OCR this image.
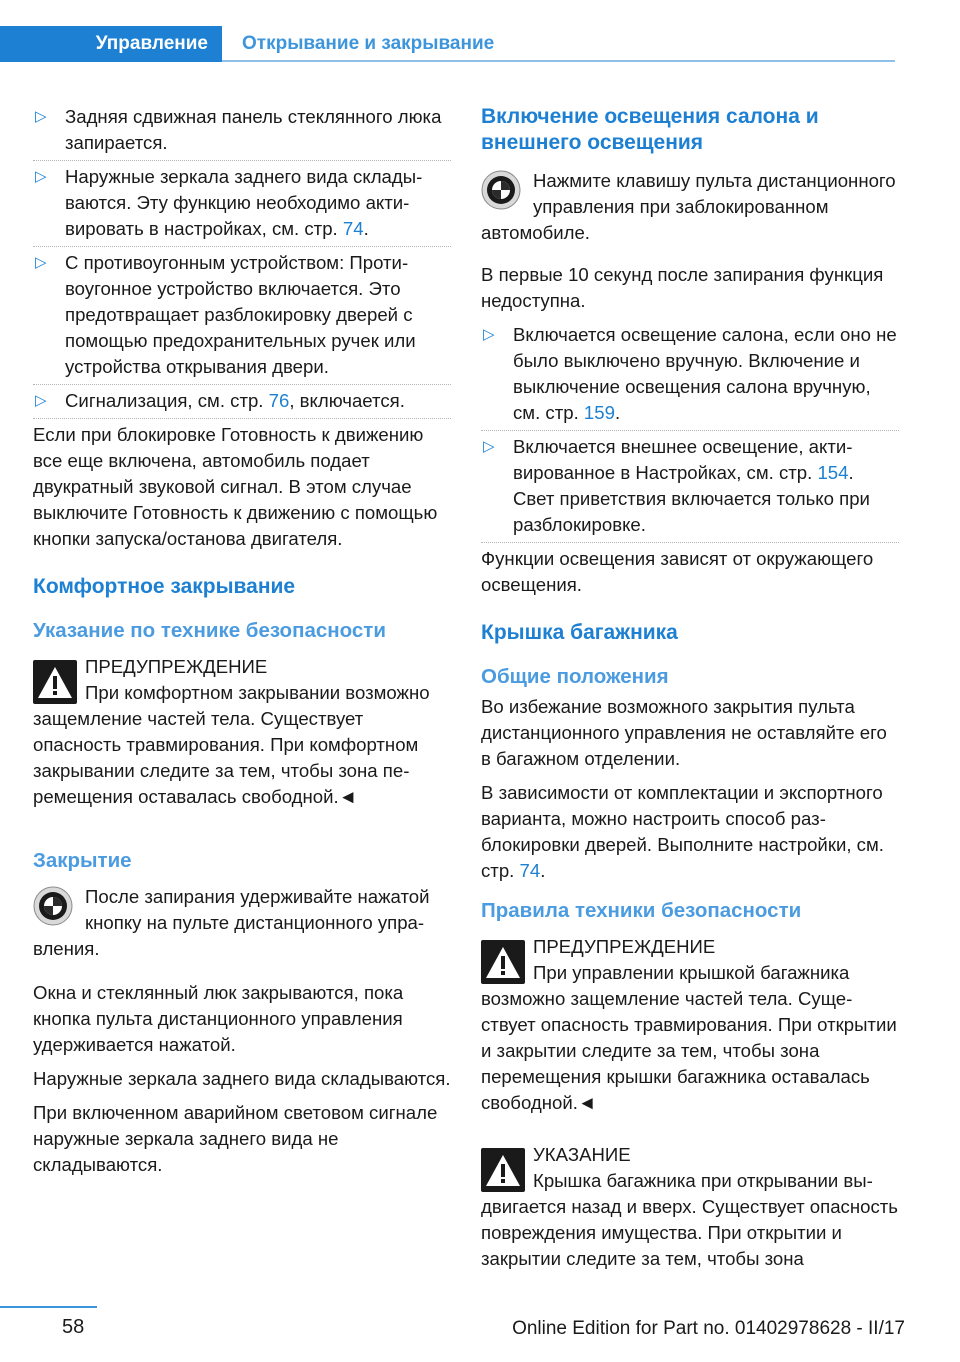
Управление	Открывание и закрывание
▷ Задняя сдвижная панель стеклянного люка запирается.
▷ Наружные зеркала заднего вида складываются. Эту функцию необходимо активировать в настройках, см. стр. 74.
▷ С противоугонным устройством: Противоугонное устройство включается. Это предотвращает разблокировку дверей с помощью предохранительных ручек или устройства открывания двери.
▷ Сигнализация, см. стр. 76, включается.

Если при блокировке Готовность к движению все еще включена, автомобиль подает двукратный звуковой сигнал. В этом случае выключите Готовность к движению с помощью кнопки запуска/останова двигателя.

Комфортное закрывание
Указание по технике безопасности

ПРЕДУПРЕЖДЕНИЕ
При комфортном закрывании возможно защемление частей тела. Существует опасность травмирования. При комфортном закрывании следите за тем, чтобы зона перемещения оставалась свободной.◄

Закрытие

После запирания удерживайте нажатой кнопку на пульте дистанционного управления.

Окна и стеклянный люк закрываются, пока кнопка пульта дистанционного управления удерживается нажатой.

Наружные зеркала заднего вида складываются.

При включенном аварийном световом сигнале наружные зеркала заднего вида не складываются.

Включение освещения салона и внешнего освещения

Нажмите клавишу пульта дистанционного управления при заблокированном автомобиле.

В первые 10 секунд после запирания функция недоступна.

▷ Включается освещение салона, если оно не было выключено вручную. Включение и выключение освещения салона вручную, см. стр. 159.
▷ Включается внешнее освещение, активированное в Настройках, см. стр. 154. Свет приветствия включается только при разблокировке.

Функции освещения зависят от окружающего освещения.

Крышка багажника
Общие положения

Во избежание возможного закрытия пульта дистанционного управления не оставляйте его в багажном отделении.

В зависимости от комплектации и экспортного варианта, можно настроить способ разблокировки дверей. Выполните настройки, см. стр. 74.

Правила техники безопасности

ПРЕДУПРЕЖДЕНИЕ
При управлении крышкой багажника возможно защемление частей тела. Существует опасность травмирования. При открытии и закрытии следите за тем, чтобы зона перемещения крышки багажника оставалась свободной.◄

УКАЗАНИЕ
Крышка багажника при открывании выдвигается назад и вверх. Существует опасность повреждения имущества. При открытии и закрытии следите за тем, чтобы зона

58	Online Edition for Part no. 01402978628 - II/17
